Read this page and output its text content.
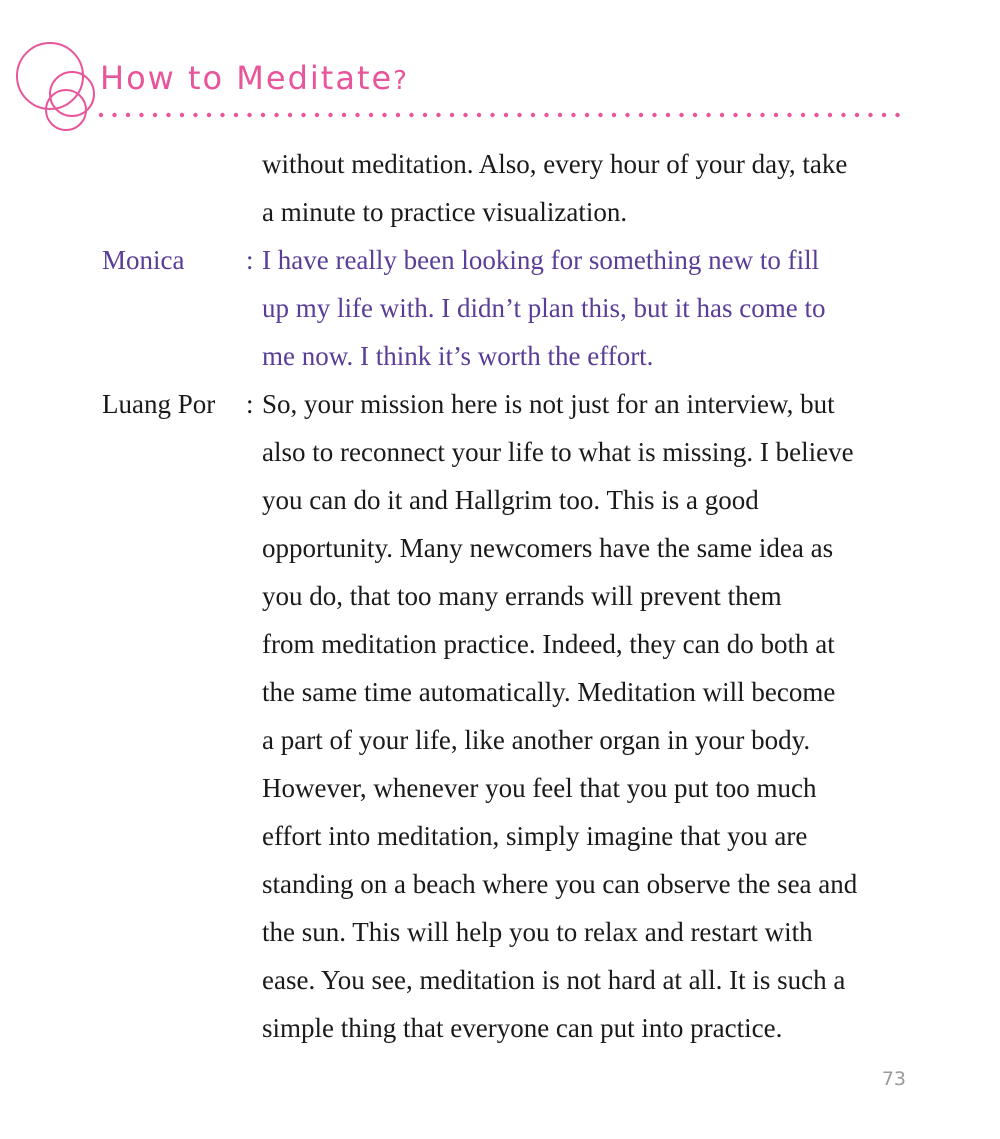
How to Meditate?
without meditation. Also, every hour of your day, take
a minute to practice visualization.
Monica : I have really been looking for something new to fill
up my life with. I didn’t plan this, but it has come to
me now. I think it’s worth the effort.
Luang Por : So, your mission here is not just for an interview, but
also to reconnect your life to what is missing. I believe
you can do it and Hallgrim too. This is a good
opportunity. Many newcomers have the same idea as
you do, that too many errands will prevent them
from meditation practice. Indeed, they can do both at
the same time automatically. Meditation will become
a part of your life, like another organ in your body.
However, whenever you feel that you put too much
effort into meditation, simply imagine that you are
standing on a beach where you can observe the sea and
the sun. This will help you to relax and restart with
ease. You see, meditation is not hard at all. It is such a
simple thing that everyone can put into practice.
73
